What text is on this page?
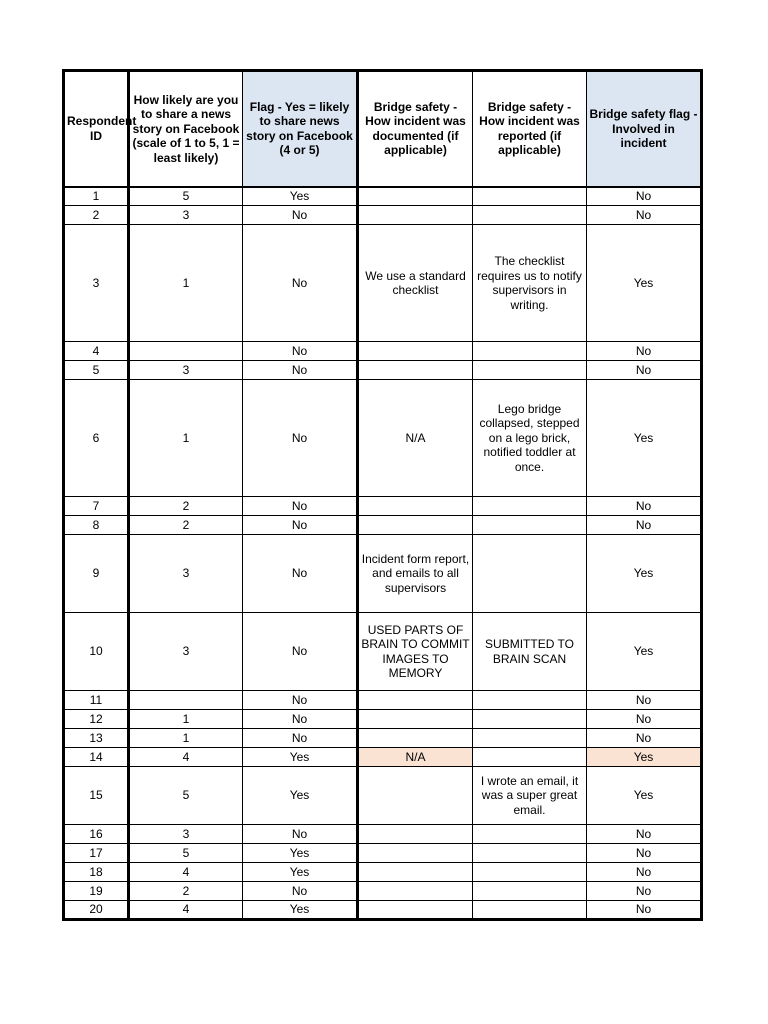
Respondent ID	How likely are you to share a news story on Facebook (scale of 1 to 5, 1 = least likely)	Flag - Yes = likely to share news story on Facebook (4 or 5)	Bridge safety - How incident was documented (if applicable)	Bridge safety - How incident was reported (if applicable)	Bridge safety flag - Involved in incident
1	5	Yes			No
2	3	No			No
3	1	No	We use a standard checklist	The checklist requires us to notify supervisors in writing.	Yes
4		No			No
5	3	No			No
6	1	No	N/A	Lego bridge collapsed, stepped on a lego brick, notified toddler at once.	Yes
7	2	No			No
8	2	No			No
9	3	No	Incident form report, and emails to all supervisors		Yes
10	3	No	USED PARTS OF BRAIN TO COMMIT IMAGES TO MEMORY	SUBMITTED TO BRAIN SCAN	Yes
11		No			No
12	1	No			No
13	1	No			No
14	4	Yes	N/A		Yes
15	5	Yes		I wrote an email, it was a super great email.	Yes
16	3	No			No
17	5	Yes			No
18	4	Yes			No
19	2	No			No
20	4	Yes			No
